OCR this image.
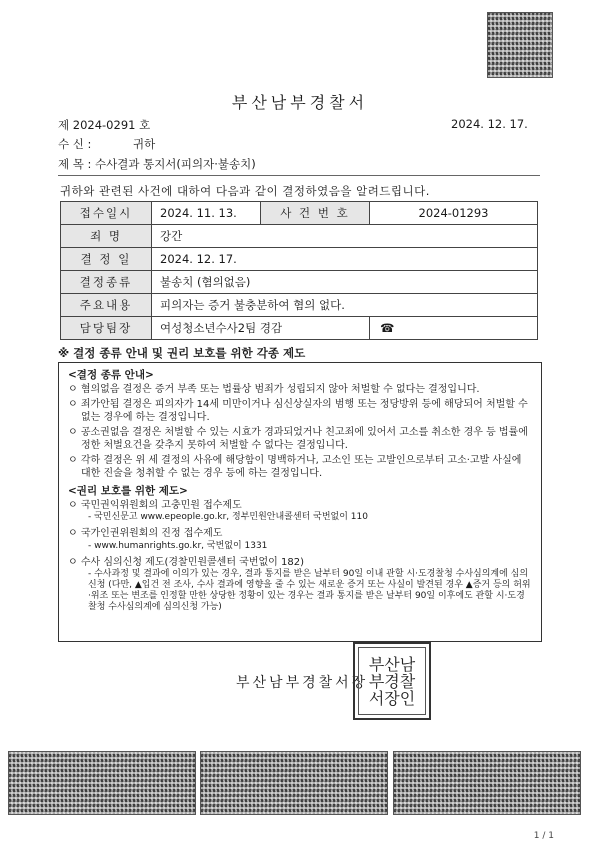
부산남부경찰서
제 2024-0291 호	2024. 12. 17.
수 신 :	귀하
제 목 : 수사결과 통지서(피의자·불송치)
귀하와 관련된 사건에 대하여 다음과 같이 결정하였음을 알려드립니다.
접수일시	2024. 11. 13.	사 건 번 호	2024-01293
죄 명	강간		
결 정 일	2024. 12. 17.		
결정종류	불송치 (혐의없음)		
주요내용	피의자는 증거 불충분하여 혐의 없다.		
담당팀장	여성청소년수사2팀 경감		☎
※ 결정 종류 안내 및 권리 보호를 위한 각종 제도
<결정 종류 안내>
ㅇ 혐의없음 결정은 증거 부족 또는 법률상 범죄가 성립되지 않아 처벌할 수 없다는 결정입니다.
ㅇ 죄가안됨 결정은 피의자가 14세 미만이거나 심신상실자의 범행 또는 정당방위 등에 해당되어 처벌할 수 없는 경우에 하는 결정입니다.
ㅇ 공소권없음 결정은 처벌할 수 있는 시효가 경과되었거나 친고죄에 있어서 고소를 취소한 경우 등 법률에 정한 처벌요건을 갖추지 못하여 처벌할 수 없다는 결정입니다.
ㅇ 각하 결정은 위 세 결정의 사유에 해당함이 명백하거나, 고소인 또는 고발인으로부터 고소·고발 사실에 대한 진술을 청취할 수 없는 경우 등에 하는 결정입니다.
<권리 보호를 위한 제도>
ㅇ 국민권익위원회의 고충민원 접수제도
- 국민신문고 www.epeople.go.kr, 정부민원안내콜센터 국번없이 110
ㅇ 국가인권위원회의 진정 접수제도
- www.humanrights.go.kr, 국번없이 1331
ㅇ 수사 심의신청 제도(경찰민원콜센터 국번없이 182)
- 수사과정 및 결과에 이의가 있는 경우, 결과 통지를 받은 날부터 90일 이내 관할 시·도경찰청 수사심의계에 심의신청 (다만, ▲입건 전 조사, 수사 결과에 영향을 줄 수 있는 새로운 증거 또는 사실이 발견된 경우 ▲증거 등의 허위·위조 또는 변조를 인정할 만한 상당한 정황이 있는 경우는 결과 통지를 받은 날부터 90일 이후에도 관할 시·도경찰청 수사심의계에 심의신청 가능)
부산남부경찰서장
부산남부경찰서장인
1 / 1
